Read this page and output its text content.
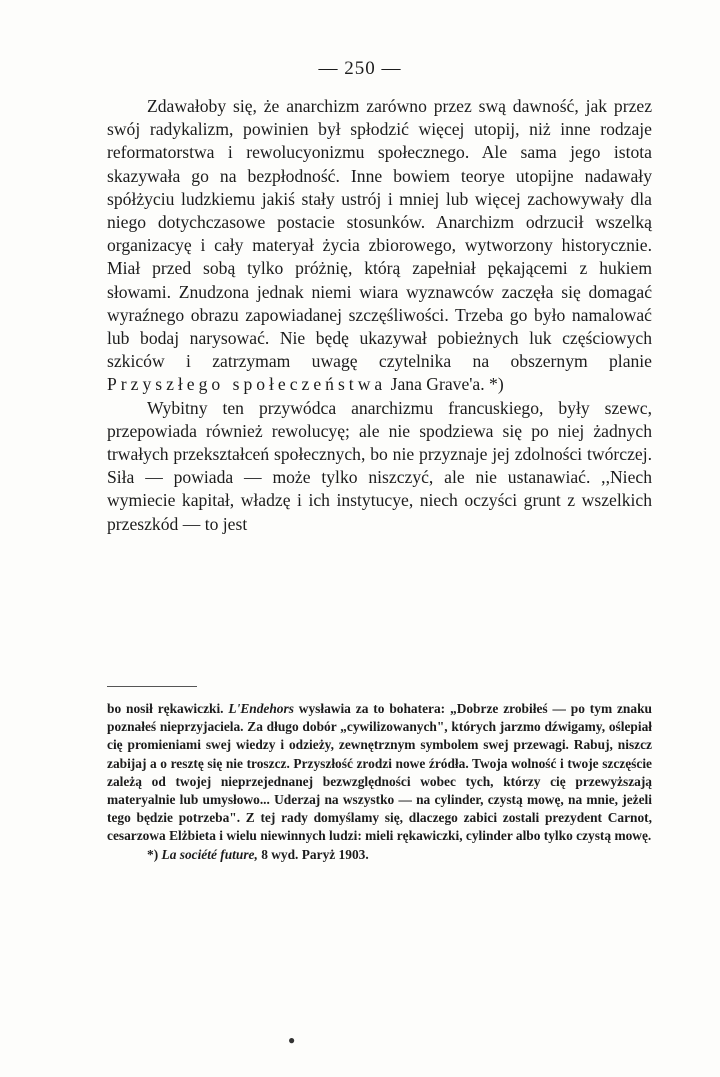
— 250 —

Zdawałoby się, że anarchizm zarówno przez swą dawność, jak przez swój radykalizm, powinien był spłodzić więcej utopij, niż inne rodzaje reformatorstwa i rewolucyonizmu społecznego. Ale sama jego istota skazywała go na bezpłodność. Inne bowiem teorye utopijne nadawały spółżyciu ludzkiemu jakiś stały ustrój i mniej lub więcej zachowywały dla niego dotychczasowe postacie stosunków. Anarchizm odrzucił wszelką organizacyę i cały materyał życia zbiorowego, wytworzony historycznie. Miał przed sobą tylko próżnię, którą zapełniał pękającemi z hukiem słowami. Znudzona jednak niemi wiara wyznawców zaczęła się domagać wyraźnego obrazu zapowiadanej szczęśliwości. Trzeba go było namalować lub bodaj narysować. Nie będę ukazywał pobieżnych luk częściowych szkiców i zatrzymam uwagę czytelnika na obszernym planie Przyszłego społeczeństwa Jana Grave'a. *)

Wybitny ten przywódca anarchizmu francuskiego, były szewc, przepowiada również rewolucyę; ale nie spodziewa się po niej żadnych trwałych przekształceń społecznych, bo nie przyznaje jej zdolności twórczej. Siła — powiada — może tylko niszczyć, ale nie ustanawiać. ,,Niech wymiecie kapitał, władzę i ich instytucye, niech oczyści grunt z wszelkich przeszkód — to jest

bo nosił rękawiczki. L'Endehors wysławia za to bohatera: „Dobrze zrobiłeś — po tym znaku poznałeś nieprzyjaciela. Za długo dobór „cywilizowanych", których jarzmo dźwigamy, oślepiał cię promieniami swej wiedzy i odzieży, zewnętrznym symbolem swej przewagi. Rabuj, niszcz zabijaj a o resztę się nie troszcz. Przyszłość zrodzi nowe źródła. Twoja wolność i twoje szczęście zależą od twojej nieprzejednanej bezwzględności wobec tych, którzy cię przewyższają materyalnie lub umysłowo... Uderzaj na wszystko — na cylinder, czystą mowę, na mnie, jeżeli tego będzie potrzeba". Z tej rady domyślamy się, dlaczego zabici zostali prezydent Carnot, cesarzowa Elżbieta i wielu niewinnych ludzi: mieli rękawiczki, cylinder albo tylko czystą mowę.

*) La société future, 8 wyd. Paryż 1903.

●
